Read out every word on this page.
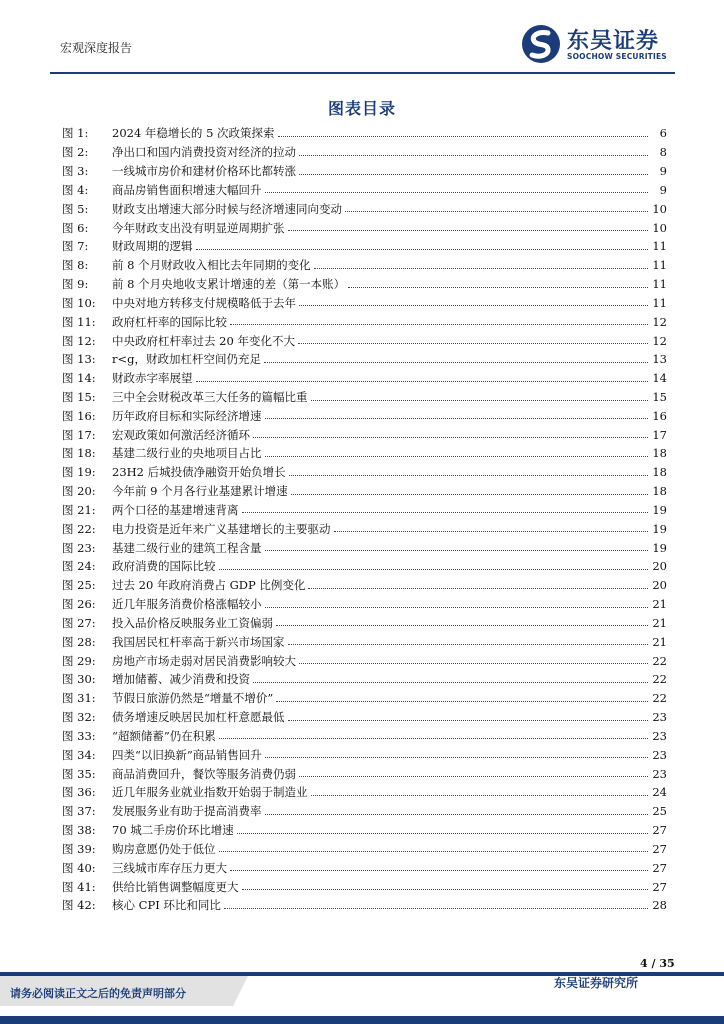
宏观深度报告	东吴证券
SOOCHOW SECURITIES
图表目录
图 1:	2024 年稳增长的 5 次政策探索	6
图 2:	净出口和国内消费投资对经济的拉动	8
图 3:	一线城市房价和建材价格环比都转涨	9
图 4:	商品房销售面积增速大幅回升	9
图 5:	财政支出增速大部分时候与经济增速同向变动	10
图 6:	今年财政支出没有明显逆周期扩张	10
图 7:	财政周期的逻辑	11
图 8:	前 8 个月财政收入相比去年同期的变化	11
图 9:	前 8 个月央地收支累计增速的差（第一本账）	11
图 10:	中央对地方转移支付规模略低于去年	11
图 11:	政府杠杆率的国际比较	12
图 12:	中央政府杠杆率过去 20 年变化不大	12
图 13:	r<g，财政加杠杆空间仍充足	13
图 14:	财政赤字率展望	14
图 15:	三中全会财税改革三大任务的篇幅比重	15
图 16:	历年政府目标和实际经济增速	16
图 17:	宏观政策如何激活经济循环	17
图 18:	基建二级行业的央地项目占比	18
图 19:	23H2 后城投债净融资开始负增长	18
图 20:	今年前 9 个月各行业基建累计增速	18
图 21:	两个口径的基建增速背离	19
图 22:	电力投资是近年来广义基建增长的主要驱动	19
图 23:	基建二级行业的建筑工程含量	19
图 24:	政府消费的国际比较	20
图 25:	过去 20 年政府消费占 GDP 比例变化	20
图 26:	近几年服务消费价格涨幅较小	21
图 27:	投入品价格反映服务业工资偏弱	21
图 28:	我国居民杠杆率高于新兴市场国家	21
图 29:	房地产市场走弱对居民消费影响较大	22
图 30:	增加储蓄、减少消费和投资	22
图 31:	节假日旅游仍然是“增量不增价”	22
图 32:	债务增速反映居民加杠杆意愿最低	23
图 33:	“超额储蓄”仍在积累	23
图 34:	四类“以旧换新”商品销售回升	23
图 35:	商品消费回升，餐饮等服务消费仍弱	23
图 36:	近几年服务业就业指数开始弱于制造业	24
图 37:	发展服务业有助于提高消费率	25
图 38:	70 城二手房价环比增速	27
图 39:	购房意愿仍处于低位	27
图 40:	三线城市库存压力更大	27
图 41:	供给比销售调整幅度更大	27
图 42:	核心 CPI 环比和同比	28
4 / 35
请务必阅读正文之后的免责声明部分
东吴证券研究所
